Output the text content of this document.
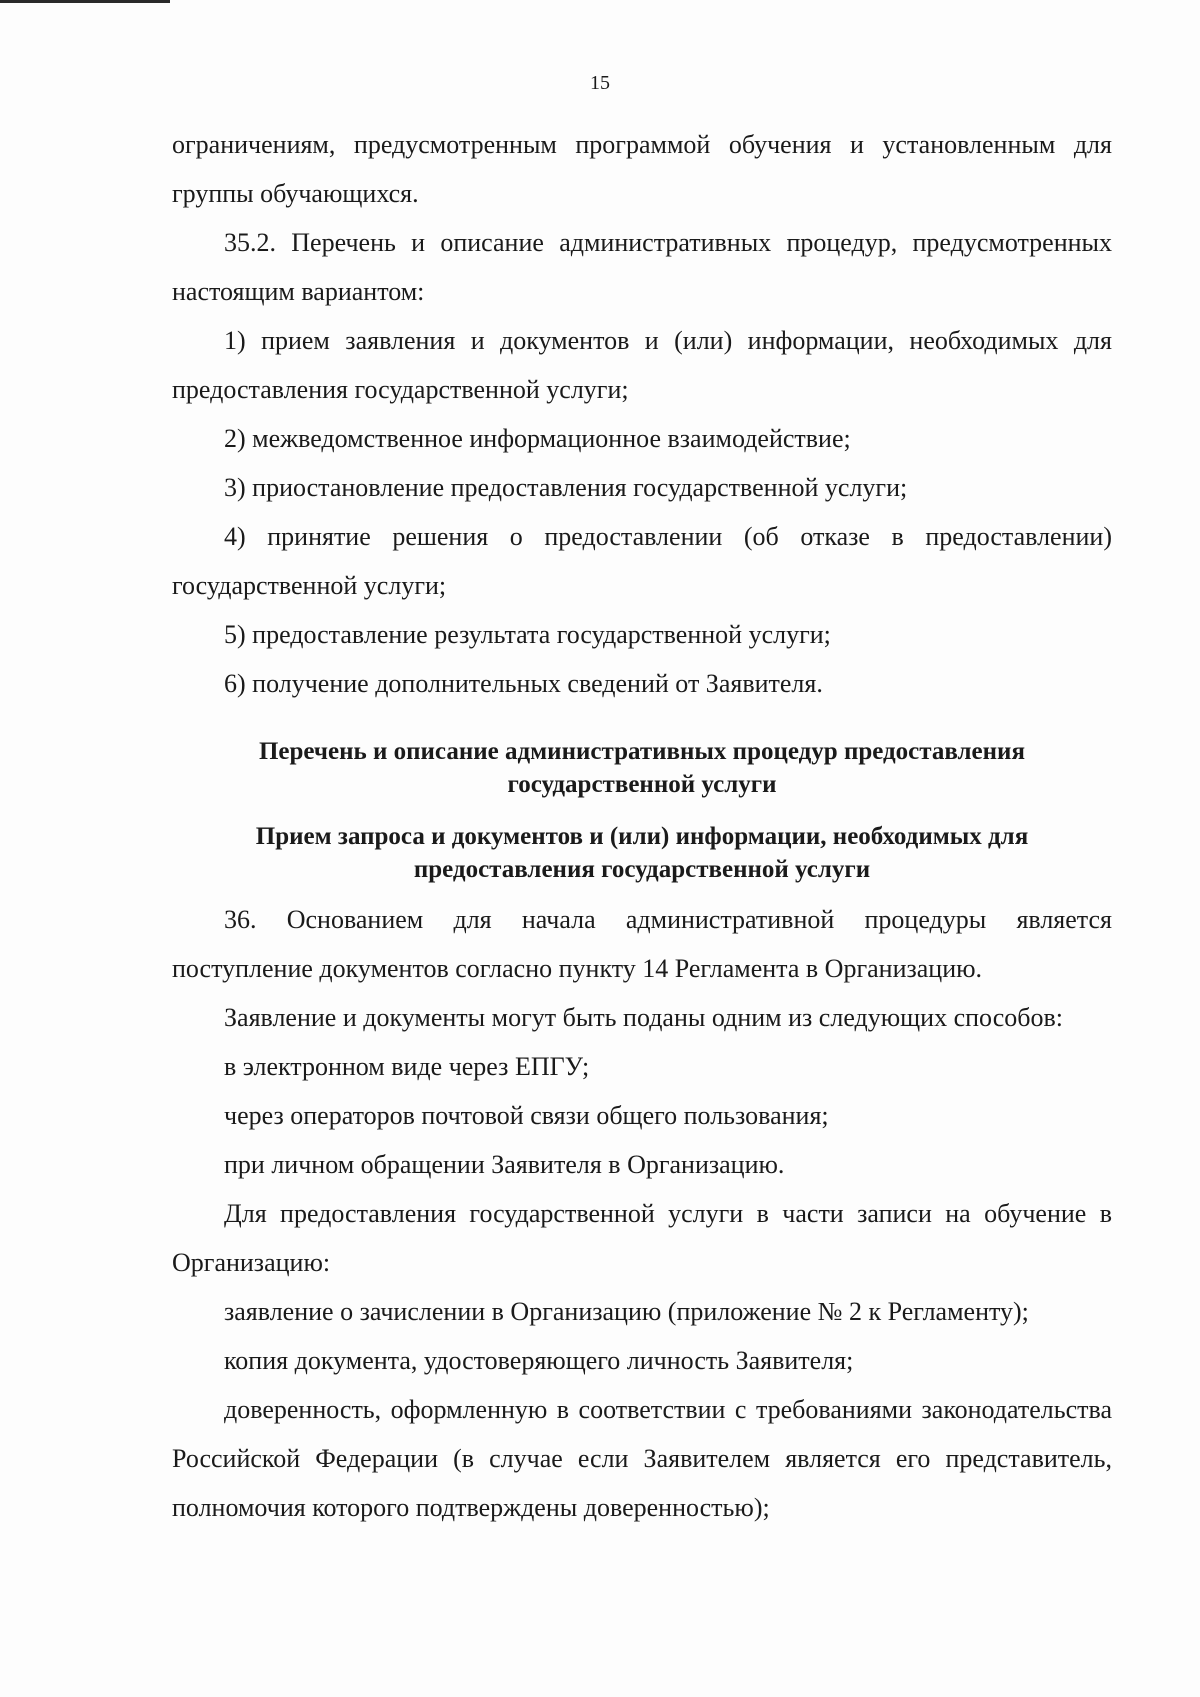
15

ограничениям, предусмотренным программой обучения и установленным для группы обучающихся.

35.2. Перечень и описание административных процедур, предусмотренных настоящим вариантом:

1) прием заявления и документов и (или) информации, необходимых для предоставления государственной услуги;

2) межведомственное информационное взаимодействие;

3) приостановление предоставления государственной услуги;

4) принятие решения о предоставлении (об отказе в предоставлении) государственной услуги;

5) предоставление результата государственной услуги;

6) получение дополнительных сведений от Заявителя.

Перечень и описание административных процедур предоставления государственной услуги
Прием запроса и документов и (или) информации, необходимых для предоставления государственной услуги

36. Основанием для начала административной процедуры является поступление документов согласно пункту 14 Регламента в Организацию.

Заявление и документы могут быть поданы одним из следующих способов:

в электронном виде через ЕПГУ;

через операторов почтовой связи общего пользования;

при личном обращении Заявителя в Организацию.

Для предоставления государственной услуги в части записи на обучение в Организацию:

заявление о зачислении в Организацию (приложение № 2 к Регламенту);

копия документа, удостоверяющего личность Заявителя;

доверенность, оформленную в соответствии с требованиями законодательства Российской Федерации (в случае если Заявителем является его представитель, полномочия которого подтверждены доверенностью);
